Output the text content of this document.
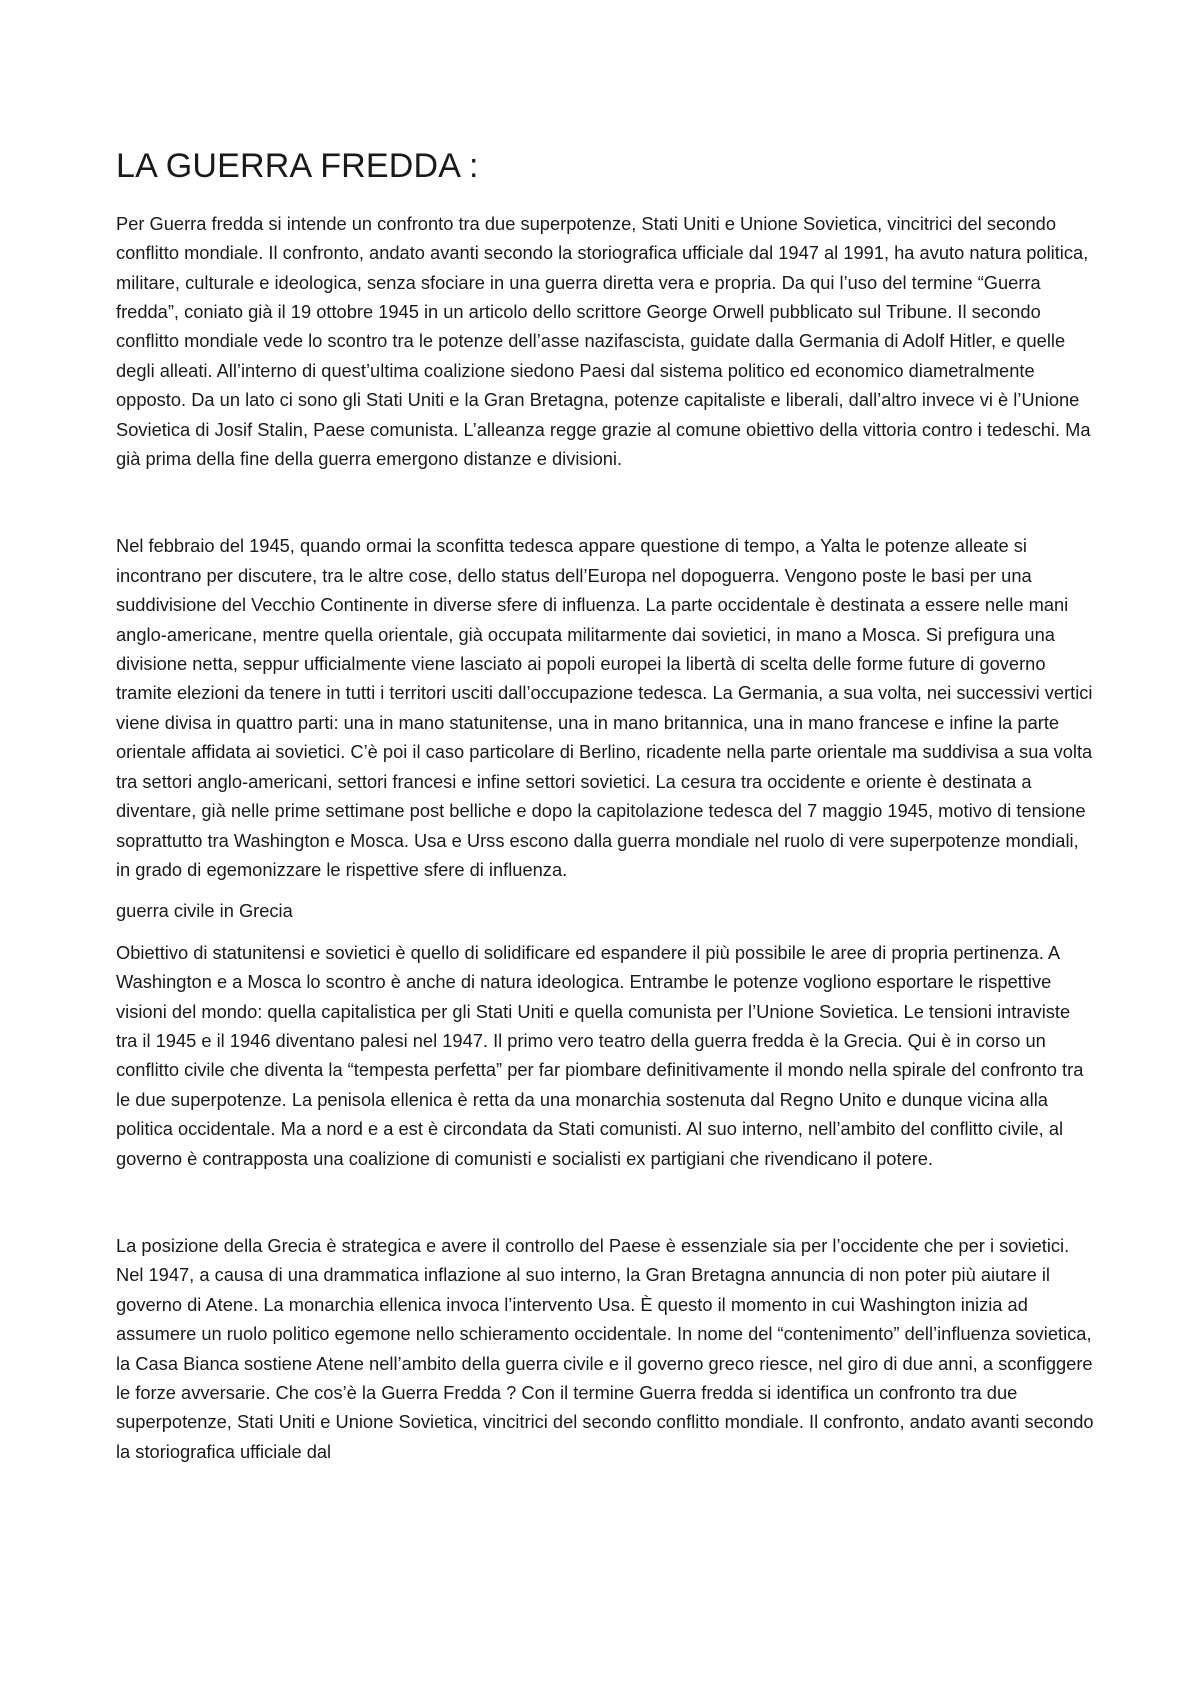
LA GUERRA FREDDA :

Per Guerra fredda si intende un confronto tra due superpotenze, Stati Uniti e Unione Sovietica, vincitrici del secondo conflitto mondiale. Il confronto, andato avanti secondo la storiografica ufficiale dal 1947 al 1991, ha avuto natura politica, militare, culturale e ideologica, senza sfociare in una guerra diretta vera e propria. Da qui l’uso del termine “Guerra fredda”, coniato già il 19 ottobre 1945 in un articolo dello scrittore George Orwell pubblicato sul Tribune. Il secondo conflitto mondiale vede lo scontro tra le potenze dell’asse nazifascista, guidate dalla Germania di Adolf Hitler, e quelle degli alleati. All’interno di quest’ultima coalizione siedono Paesi dal sistema politico ed economico diametralmente opposto. Da un lato ci sono gli Stati Uniti e la Gran Bretagna, potenze capitaliste e liberali, dall’altro invece vi è l’Unione Sovietica di Josif Stalin, Paese comunista. L’alleanza regge grazie al comune obiettivo della vittoria contro i tedeschi. Ma già prima della fine della guerra emergono distanze e divisioni.

Nel febbraio del 1945, quando ormai la sconfitta tedesca appare questione di tempo, a Yalta le potenze alleate si incontrano per discutere, tra le altre cose, dello status dell’Europa nel dopoguerra. Vengono poste le basi per una suddivisione del Vecchio Continente in diverse sfere di influenza. La parte occidentale è destinata a essere nelle mani anglo-americane, mentre quella orientale, già occupata militarmente dai sovietici, in mano a Mosca. Si prefigura una divisione netta, seppur ufficialmente viene lasciato ai popoli europei la libertà di scelta delle forme future di governo tramite elezioni da tenere in tutti i territori usciti dall’occupazione tedesca. La Germania, a sua volta, nei successivi vertici viene divisa in quattro parti: una in mano statunitense, una in mano britannica, una in mano francese e infine la parte orientale affidata ai sovietici. C’è poi il caso particolare di Berlino, ricadente nella parte orientale ma suddivisa a sua volta tra settori anglo-americani, settori francesi e infine settori sovietici. La cesura tra occidente e oriente è destinata a diventare, già nelle prime settimane post belliche e dopo la capitolazione tedesca del 7 maggio 1945, motivo di tensione soprattutto tra Washington e Mosca. Usa e Urss escono dalla guerra mondiale nel ruolo di vere superpotenze mondiali, in grado di egemonizzare le rispettive sfere di influenza.

guerra civile in Grecia

Obiettivo di statunitensi e sovietici è quello di solidificare ed espandere il più possibile le aree di propria pertinenza. A Washington e a Mosca lo scontro è anche di natura ideologica. Entrambe le potenze vogliono esportare le rispettive visioni del mondo: quella capitalistica per gli Stati Uniti e quella comunista per l’Unione Sovietica. Le tensioni intraviste tra il 1945 e il 1946 diventano palesi nel 1947. Il primo vero teatro della guerra fredda è la Grecia. Qui è in corso un conflitto civile che diventa la “tempesta perfetta” per far piombare definitivamente il mondo nella spirale del confronto tra le due superpotenze. La penisola ellenica è retta da una monarchia sostenuta dal Regno Unito e dunque vicina alla politica occidentale. Ma a nord e a est è circondata da Stati comunisti. Al suo interno, nell’ambito del conflitto civile, al governo è contrapposta una coalizione di comunisti e socialisti ex partigiani che rivendicano il potere.

La posizione della Grecia è strategica e avere il controllo del Paese è essenziale sia per l’occidente che per i sovietici. Nel 1947, a causa di una drammatica inflazione al suo interno, la Gran Bretagna annuncia di non poter più aiutare il governo di Atene. La monarchia ellenica invoca l’intervento Usa. È questo il momento in cui Washington inizia ad assumere un ruolo politico egemone nello schieramento occidentale. In nome del “contenimento” dell’influenza sovietica, la Casa Bianca sostiene Atene nell’ambito della guerra civile e il governo greco riesce, nel giro di due anni, a sconfiggere le forze avversarie. Che cos’è la Guerra Fredda ? Con il termine Guerra fredda si identifica un confronto tra due superpotenze, Stati Uniti e Unione Sovietica, vincitrici del secondo conflitto mondiale. Il confronto, andato avanti secondo la storiografica ufficiale dal
